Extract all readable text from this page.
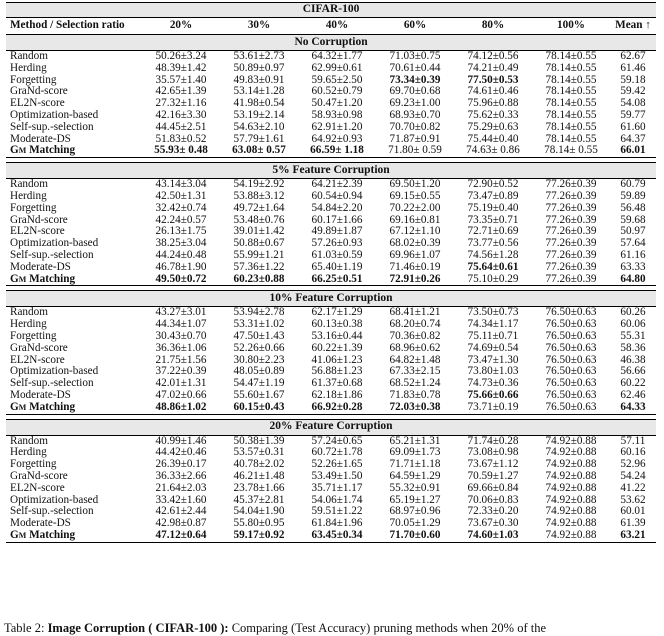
CIFAR-100							
Method / Selection ratio	20%	30%	40%	60%	80%	100%	Mean ↑
No Corruption							
Random	50.26±3.24	53.61±2.73	64.32±1.77	71.03±0.75	74.12±0.56	78.14±0.55	62.67
Herding	48.39±1.42	50.89±0.97	62.99±0.61	70.61±0.44	74.21±0.49	78.14±0.55	61.46
Forgetting	35.57±1.40	49.83±0.91	59.65±2.50	73.34±0.39	77.50±0.53	78.14±0.55	59.18
GraNd-score	42.65±1.39	53.14±1.28	60.52±0.79	69.70±0.68	74.61±0.46	78.14±0.55	59.42
EL2N-score	27.32±1.16	41.98±0.54	50.47±1.20	69.23±1.00	75.96±0.88	78.14±0.55	54.08
Optimization-based	42.16±3.30	53.19±2.14	58.93±0.98	68.93±0.70	75.62±0.33	78.14±0.55	59.77
Self-sup.-selection	44.45±2.51	54.63±2.10	62.91±1.20	70.70±0.82	75.29±0.63	78.14±0.55	61.60
Moderate-DS	51.83±0.52	57.79±1.61	64.92±0.93	71.87±0.91	75.44±0.40	78.14±0.55	64.37
Gm Matching	55.93± 0.48	63.08± 0.57	66.59± 1.18	71.80± 0.59	74.63± 0.86	78.14± 0.55	66.01

5% Feature Corruption							
Random	43.14±3.04	54.19±2.92	64.21±2.39	69.50±1.20	72.90±0.52	77.26±0.39	60.79
Herding	42.50±1.31	53.88±3.12	60.54±0.94	69.15±0.55	73.47±0.89	77.26±0.39	59.89
Forgetting	32.42±0.74	49.72±1.64	54.84±2.20	70.22±2.00	75.19±0.40	77.26±0.39	56.48
GraNd-score	42.24±0.57	53.48±0.76	60.17±1.66	69.16±0.81	73.35±0.71	77.26±0.39	59.68
EL2N-score	26.13±1.75	39.01±1.42	49.89±1.87	67.12±1.10	72.71±0.69	77.26±0.39	50.97
Optimization-based	38.25±3.04	50.88±0.67	57.26±0.93	68.02±0.39	73.77±0.56	77.26±0.39	57.64
Self-sup.-selection	44.24±0.48	55.99±1.21	61.03±0.59	69.96±1.07	74.56±1.28	77.26±0.39	61.16
Moderate-DS	46.78±1.90	57.36±1.22	65.40±1.19	71.46±0.19	75.64±0.61	77.26±0.39	63.33
Gm Matching	49.50±0.72	60.23±0.88	66.25±0.51	72.91±0.26	75.10±0.29	77.26±0.39	64.80

10% Feature Corruption							
Random	43.27±3.01	53.94±2.78	62.17±1.29	68.41±1.21	73.50±0.73	76.50±0.63	60.26
Herding	44.34±1.07	53.31±1.02	60.13±0.38	68.20±0.74	74.34±1.17	76.50±0.63	60.06
Forgetting	30.43±0.70	47.50±1.43	53.16±0.44	70.36±0.82	75.11±0.71	76.50±0.63	55.31
GraNd-score	36.36±1.06	52.26±0.66	60.22±1.39	68.96±0.62	74.69±0.54	76.50±0.63	58.36
EL2N-score	21.75±1.56	30.80±2.23	41.06±1.23	64.82±1.48	73.47±1.30	76.50±0.63	46.38
Optimization-based	37.22±0.39	48.05±0.89	56.88±1.23	67.33±2.15	73.80±1.03	76.50±0.63	56.66
Self-sup.-selection	42.01±1.31	54.47±1.19	61.37±0.68	68.52±1.24	74.73±0.36	76.50±0.63	60.22
Moderate-DS	47.02±0.66	55.60±1.67	62.18±1.86	71.83±0.78	75.66±0.66	76.50±0.63	62.46
Gm Matching	48.86±1.02	60.15±0.43	66.92±0.28	72.03±0.38	73.71±0.19	76.50±0.63	64.33

20% Feature Corruption							
Random	40.99±1.46	50.38±1.39	57.24±0.65	65.21±1.31	71.74±0.28	74.92±0.88	57.11
Herding	44.42±0.46	53.57±0.31	60.72±1.78	69.09±1.73	73.08±0.98	74.92±0.88	60.16
Forgetting	26.39±0.17	40.78±2.02	52.26±1.65	71.71±1.18	73.67±1.12	74.92±0.88	52.96
GraNd-score	36.33±2.66	46.21±1.48	53.49±1.50	64.59±1.29	70.59±1.27	74.92±0.88	54.24
EL2N-score	21.64±2.03	23.78±1.66	35.71±1.17	55.32±0.91	69.66±0.84	74.92±0.88	41.22
Optimization-based	33.42±1.60	45.37±2.81	54.06±1.74	65.19±1.27	70.06±0.83	74.92±0.88	53.62
Self-sup.-selection	42.61±2.44	54.04±1.90	59.51±1.22	68.97±0.96	72.33±0.20	74.92±0.88	60.01
Moderate-DS	42.98±0.87	55.80±0.95	61.84±1.96	70.05±1.29	73.67±0.30	74.92±0.88	61.39
Gm Matching	47.12±0.64	59.17±0.92	63.45±0.34	71.70±0.60	74.60±1.03	74.92±0.88	63.21
Table 2: Image Corruption ( CIFAR-100 ): Comparing (Test Accuracy) pruning methods when 20% of the
